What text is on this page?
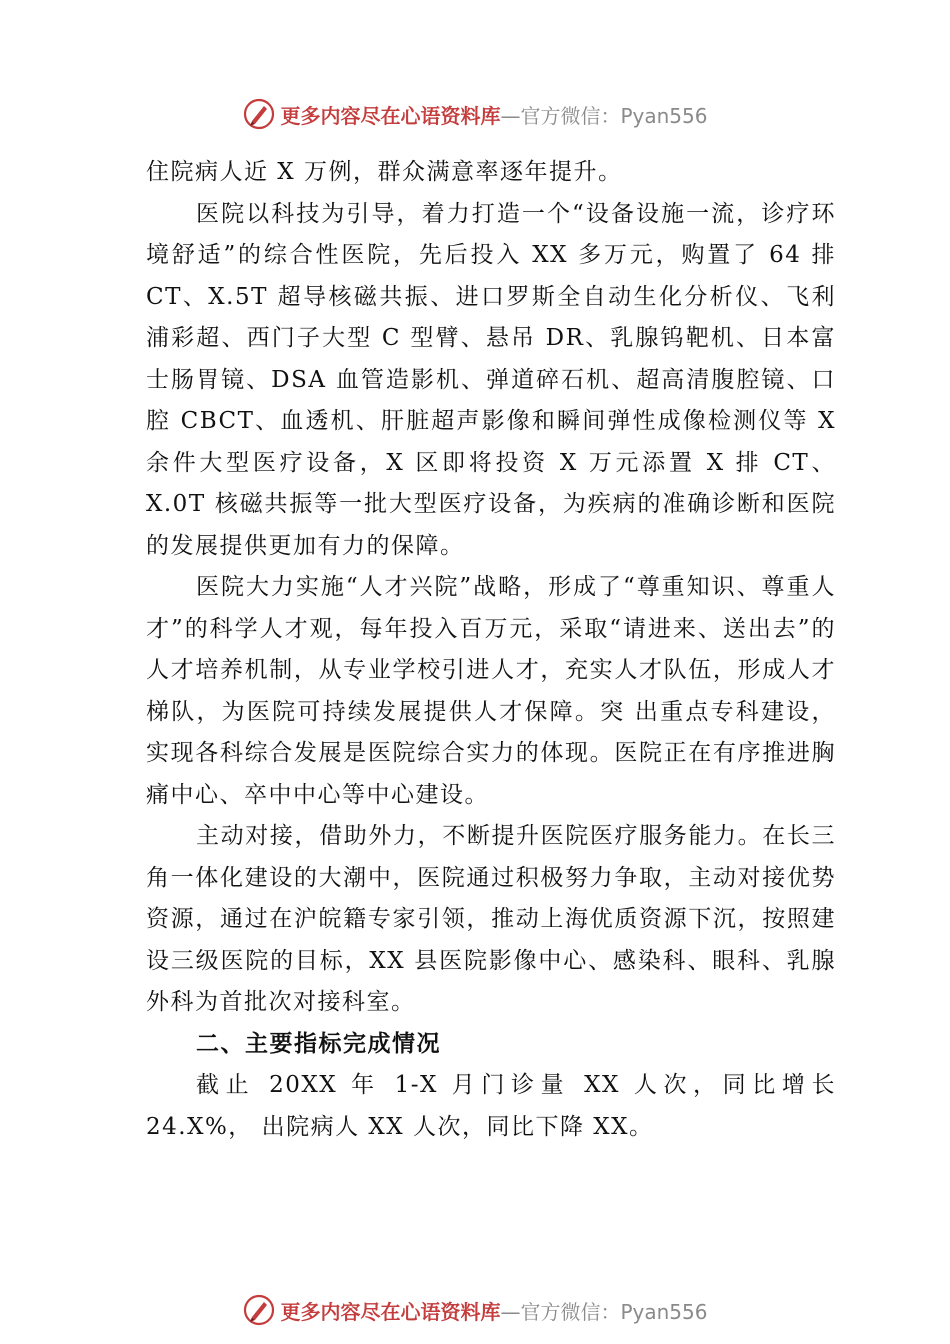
更多内容尽在心语资料库 —官方微信：Pyan556

住院病人近 X 万例，群众满意率逐年提升。

医院以科技为引导，着力打造一个“设备设施一流，诊疗环境舒适”的综合性医院，先后投入 XX 多万元，购置了 64 排 CT、X.5T 超导核磁共振、进口罗斯全自动生化分析仪、飞利浦彩超、西门子大型 C 型臂、悬吊 DR、乳腺钨靶机、日本富士肠胃镜、DSA 血管造影机、弹道碎石机、超高清腹腔镜、口腔 CBCT、血透机、肝脏超声影像和瞬间弹性成像检测仪等 X 余件大型医疗设备，X 区即将投资 X 万元添置 X 排 CT、X.0T 核磁共振等一批大型医疗设备，为疾病的准确诊断和医院的发展提供更加有力的保障。

医院大力实施“人才兴院”战略，形成了“尊重知识、尊重人才”的科学人才观，每年投入百万元，采取“请进来、送出去”的人才培养机制，从专业学校引进人才，充实人才队伍，形成人才梯队，为医院可持续发展提供人才保障。突 出重点专科建设，实现各科综合发展是医院综合实力的体现。医院正在有序推进胸痛中心、卒中中心等中心建设。

主动对接，借助外力，不断提升医院医疗服务能力。在长三角一体化建设的大潮中，医院通过积极努力争取，主动对接优势资源，通过在沪皖籍专家引领，推动上海优质资源下沉，按照建设三级医院的目标，XX 县医院影像中心、感染科、眼科、乳腺外科为首批次对接科室。

二、主要指标完成情况

截止 20XX 年 1-X 月门诊量 XX 人次，同比增长 24.X%， 出院病人 XX 人次，同比下降 XX。

更多内容尽在心语资料库 —官方微信：Pyan556
